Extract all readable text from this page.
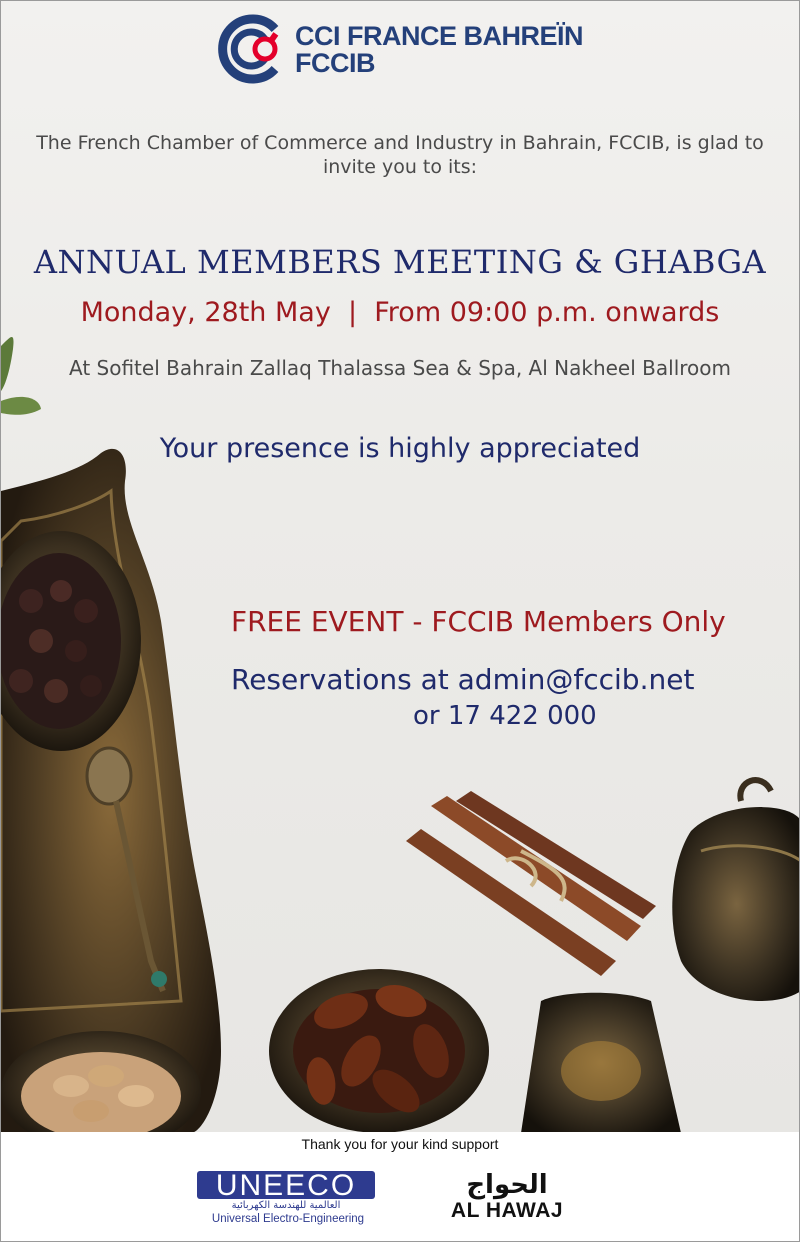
CCI FRANCE BAHREÏN
FCCIB
The French Chamber of Commerce and Industry in Bahrain, FCCIB, is glad to invite you to its:
ANNUAL MEMBERS MEETING & GHABGA
Monday, 28th May  |  From 09:00 p.m. onwards
At Sofitel Bahrain Zallaq Thalassa Sea & Spa, Al Nakheel Ballroom
Your presence is highly appreciated
FREE EVENT - FCCIB Members Only
Reservations at admin@fccib.net
or 17 422 000
Thank you for your kind support
UNEECO
العالمية للهندسة الكهربائية
Universal Electro-Engineering
الحواج
AL HAWAJ
